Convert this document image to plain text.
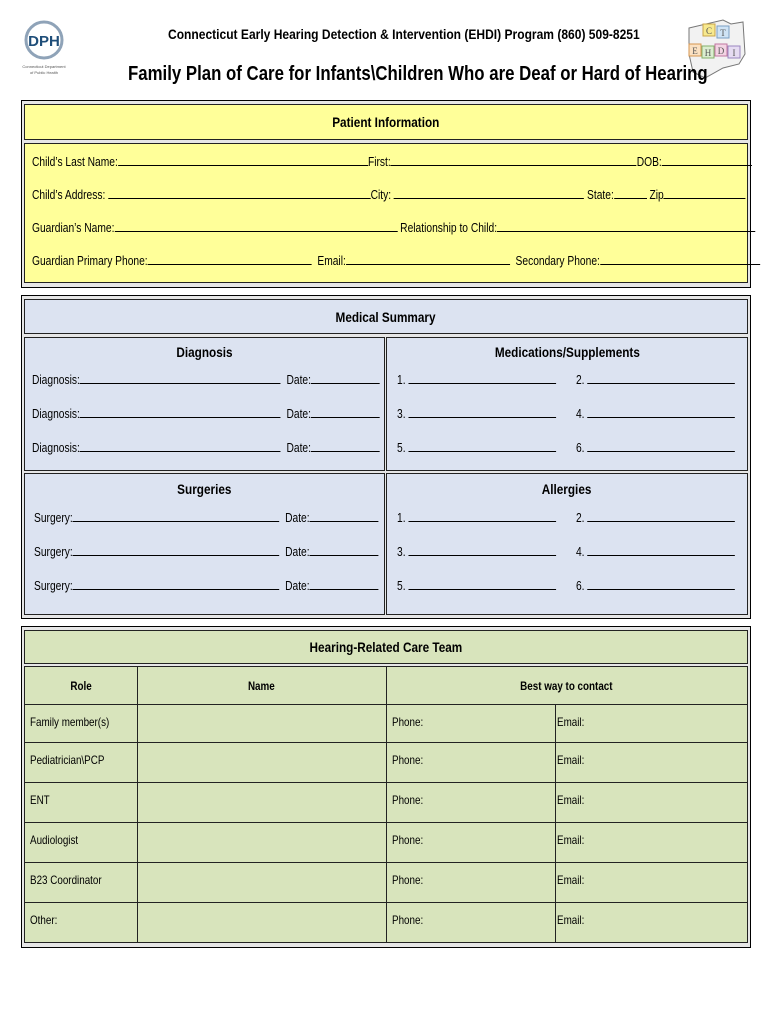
DPH
Connecticut Department
of Public Health
C T
E H D I
Connecticut Early Hearing Detection & Intervention (EHDI) Program (860) 509-8251
Family Plan of Care for Infants\Children Who are Deaf or Hard of Hearing
Patient Information
Child’s Last Name:	First:	DOB:
Child’s Address:	City:	State:	Zip
Guardian’s Name:	Relationship to Child:
Guardian Primary Phone:	Email:	Secondary Phone:
Medical Summary
Diagnosis
Diagnosis:	Date:
Diagnosis:	Date:
Diagnosis:	Date:
Medications/Supplements
1.	2.
3.	4.
5.	6.
Surgeries
Surgery:	Date:
Surgery:	Date:
Surgery:	Date:
Allergies
1.	2.
3.	4.
5.	6.
Hearing-Related Care Team
Role	Name	Best way to contact	
Family member(s)		Phone:	Email:
Pediatrician\PCP		Phone:	Email:
ENT		Phone:	Email:
Audiologist		Phone:	Email:
B23 Coordinator		Phone:	Email:
Other:		Phone:	Email:
